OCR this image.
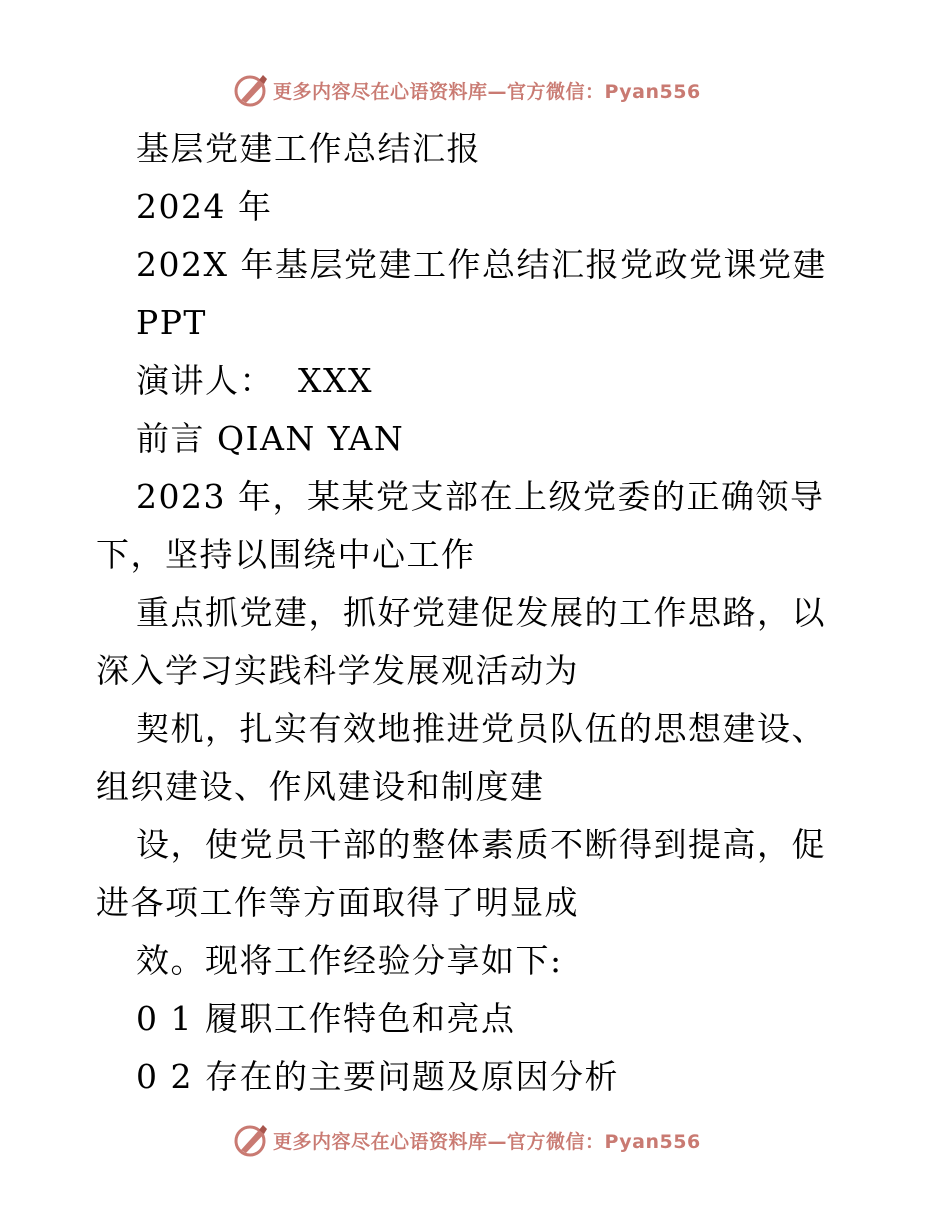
更多内容尽在心语资料库—官方微信：Pyan556

基层党建工作总结汇报

2024 年

202X 年基层党建工作总结汇报党政党课党建

PPT

演讲人：  XXX

前言 QIAN YAN

2023 年，某某党支部在上级党委的正确领导下，坚持以围绕中心工作

重点抓党建，抓好党建促发展的工作思路，以深入学习实践科学发展观活动为

契机，扎实有效地推进党员队伍的思想建设、组织建设、作风建设和制度建

设，使党员干部的整体素质不断得到提高，促进各项工作等方面取得了明显成

效。现将工作经验分享如下:

0 1 履职工作特色和亮点

0 2 存在的主要问题及原因分析

更多内容尽在心语资料库—官方微信：Pyan556
